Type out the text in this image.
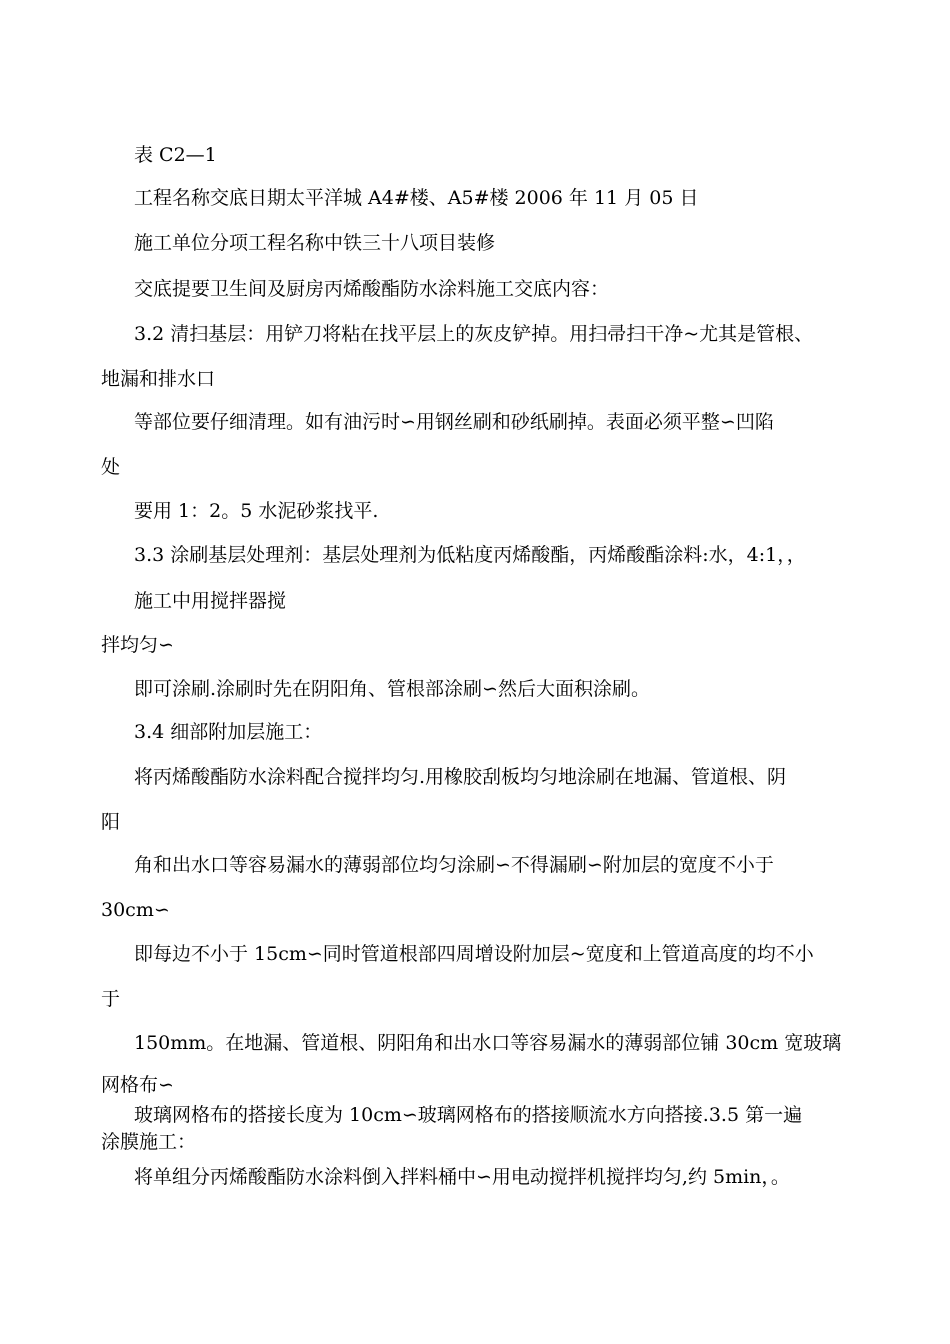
表 C2—1
工程名称交底日期太平洋城 A4#楼、A5#楼 2006 年 11 月 05 日
施工单位分项工程名称中铁三十八项目装修
交底提要卫生间及厨房丙烯酸酯防水涂料施工交底内容：
3.2 清扫基层：用铲刀将粘在找平层上的灰皮铲掉。用扫帚扫干净~尤其是管根、
地漏和排水口
等部位要仔细清理。如有油污时∽用钢丝刷和砂纸刷掉。表面必须平整∽凹陷
处
要用 1：2。5 水泥砂浆找平.
3.3 涂刷基层处理剂：基层处理剂为低粘度丙烯酸酯，丙烯酸酯涂料:水，4:1，，
施工中用搅拌器搅
拌均匀∽
即可涂刷.涂刷时先在阴阳角、管根部涂刷∽然后大面积涂刷。
3.4 细部附加层施工：
将丙烯酸酯防水涂料配合搅拌均匀.用橡胶刮板均匀地涂刷在地漏、管道根、阴
阳
角和出水口等容易漏水的薄弱部位均匀涂刷∽不得漏刷∽附加层的宽度不小于
30cm∽
即每边不小于 15cm∽同时管道根部四周增设附加层~宽度和上管道高度的均不小
于
150mm。在地漏、管道根、阴阳角和出水口等容易漏水的薄弱部位铺 30cm 宽玻璃
网格布∽
玻璃网格布的搭接长度为 10cm∽玻璃网格布的搭接顺流水方向搭接.3.5 第一遍
涂膜施工：
将单组分丙烯酸酯防水涂料倒入拌料桶中∽用电动搅拌机搅拌均匀,约 5min，。
